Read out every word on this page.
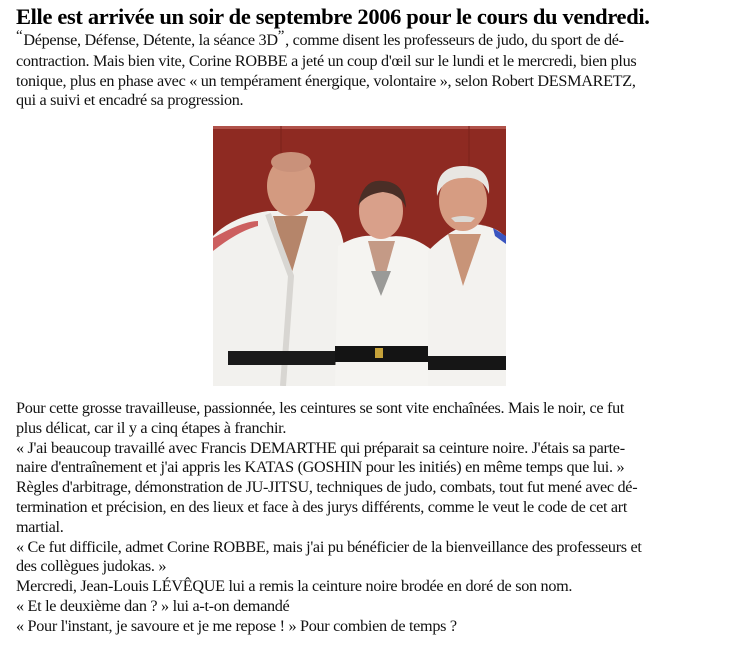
Elle est arrivée un soir de septembre 2006 pour le cours du vendredi.

“Dépense, Défense, Détente, la séance 3D”, comme disent les professeurs de judo, du sport de dé-
contraction. Mais bien vite, Corine ROBBE a jeté un coup d'œil sur le lundi et le mercredi, bien plus
tonique, plus en phase avec « un tempérament énergique, volontaire », selon Robert DESMARETZ,
qui a suivi et encadré sa progression.

Pour cette grosse travailleuse, passionnée, les ceintures se sont vite enchaînées. Mais le noir, ce fut
plus délicat, car il y a cinq étapes à franchir.
« J'ai beaucoup travaillé avec Francis DEMARTHE qui préparait sa ceinture noire. J'étais sa parte-
naire d'entraînement et j'ai appris les KATAS (GOSHIN pour les initiés) en même temps que lui. »
Règles d'arbitrage, démonstration de JU-JITSU, techniques de judo, combats, tout fut mené avec dé-
termination et précision, en des lieux et face à des jurys différents, comme le veut le code de cet art
martial.
« Ce fut difficile, admet Corine ROBBE, mais j'ai pu bénéficier de la bienveillance des professeurs et
des collègues judokas. »
Mercredi, Jean-Louis LÉVÊQUE lui a remis la ceinture noire brodée en doré de son nom.
« Et le deuxième dan ? » lui a-t-on demandé
« Pour l'instant, je savoure et je me repose ! » Pour combien de temps ?
